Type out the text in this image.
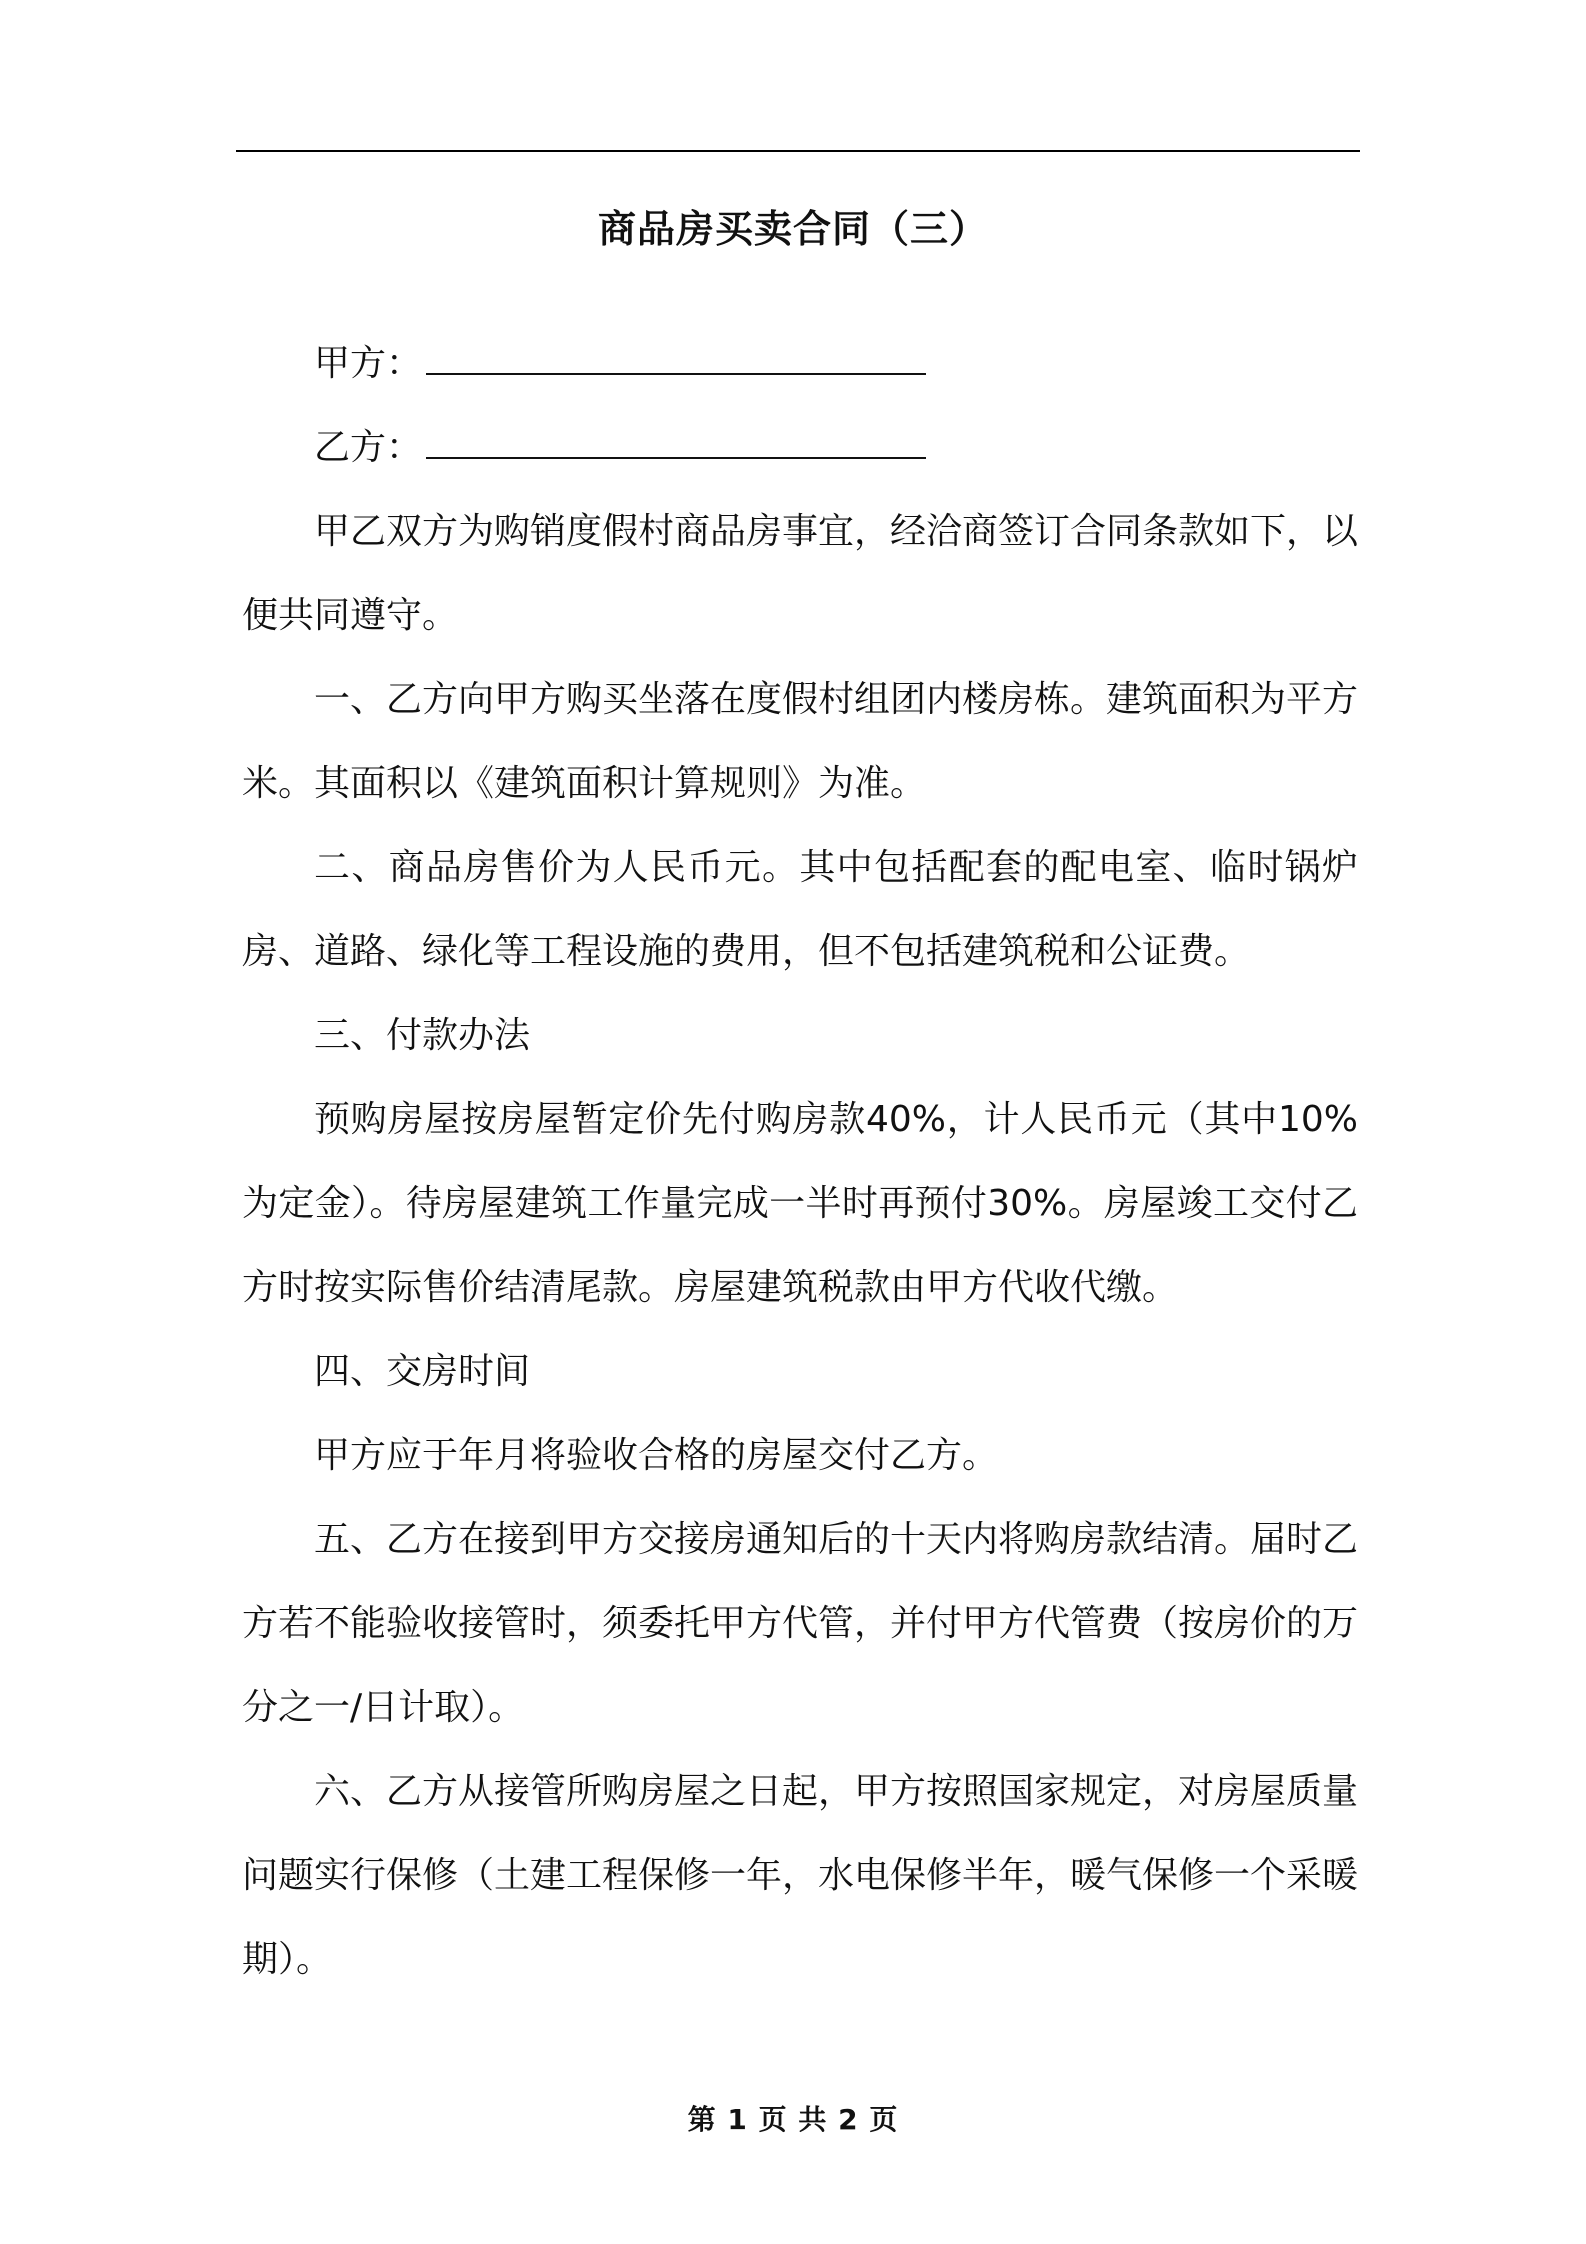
商品房买卖合同（三）

甲方：

乙方：

甲乙双方为购销度假村商品房事宜，经洽商签订合同条款如下，以便共同遵守。

一、乙方向甲方购买坐落在度假村组团内楼房栋。建筑面积为平方米。其面积以《建筑面积计算规则》为准。

二、商品房售价为人民币元。其中包括配套的配电室、临时锅炉房、道路、绿化等工程设施的费用，但不包括建筑税和公证费。

三、付款办法

预购房屋按房屋暂定价先付购房款40%，计人民币元（其中10%为定金）。待房屋建筑工作量完成一半时再预付30%。房屋竣工交付乙方时按实际售价结清尾款。房屋建筑税款由甲方代收代缴。

四、交房时间

甲方应于年月将验收合格的房屋交付乙方。

五、乙方在接到甲方交接房通知后的十天内将购房款结清。届时乙方若不能验收接管时，须委托甲方代管，并付甲方代管费（按房价的万分之一/日计取）。

六、乙方从接管所购房屋之日起，甲方按照国家规定，对房屋质量问题实行保修（土建工程保修一年，水电保修半年，暖气保修一个采暖期）。

第 1 页 共 2 页
